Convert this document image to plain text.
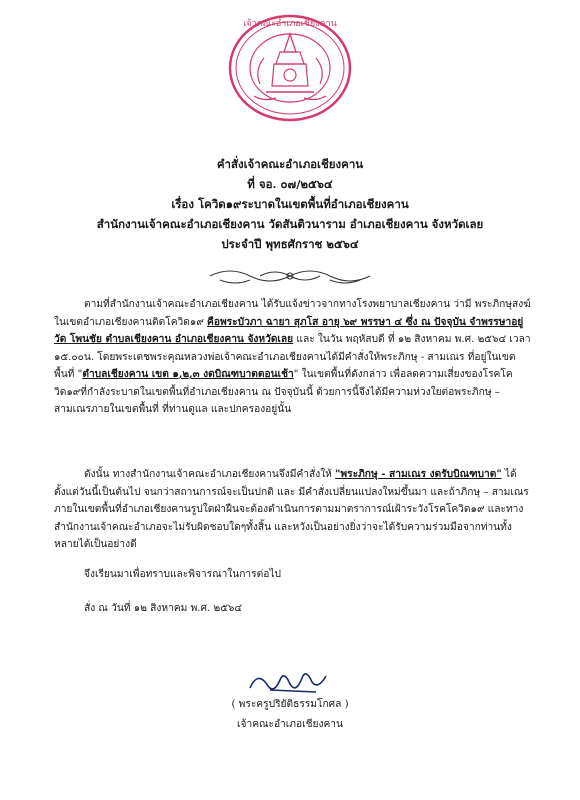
เจ้าคณะอำเภอเชียงคาน
คำสั่งเจ้าคณะอำเภอเชียงคาน
ที่ จอ. ๐๗/๒๕๖๔
เรื่อง โควิด๑๙ระบาดในเขตพื้นที่อำเภอเชียงคาน
สำนักงานเจ้าคณะอำเภอเชียงคาน วัดสันติวนาราม อำเภอเชียงคาน จังหวัดเลย
ประจำปี พุทธศักราช ๒๕๖๔
ตามที่สำนักงานเจ้าคณะอำเภอเชียงคาน ได้รับแจ้งข่าวจากทางโรงพยาบาลเชียงคาน ว่ามี พระภิกษุสงฆ์ในเขตอำเภอเชียงคานติดโควิด๑๙ คือพระบัวภา ฉายา สุภโส อายุ ๖๙ พรรษา ๔ ซึ่ง ณ ปัจจุบัน จำพรรษาอยู่ วัด โพนชัย ตำบลเชียงคาน อำเภอเชียงคาน จังหวัดเลย และ ในวัน พฤหัสบดี ที่ ๑๒ สิงหาคม พ.ศ. ๒๕๖๔ เวลา ๑๕.๐๐น. โดยพระเดชพระคุณหลวงพ่อเจ้าคณะอำเภอเชียงคานได้มีคำสั่งให้พระภิกษุ - สามเณร ที่อยู่ในเขตพื้นที่ "ตำบลเชียงคาน เขต ๑,๒,๓ งดบิณฑบาตตอนเช้า" ในเขตพื้นที่ดังกล่าว เพื่อลดความเสี่ยงของโรคโควิด๑๙ที่กำลังระบาดในเขตพื้นที่อำเภอเชียงคาน ณ ปัจจุบันนี้ ด้วยการนี้จึงได้มีความห่วงใยต่อพระภิกษุ – สามเณรภายในเขตพื้นที่ ที่ท่านดูแล และปกครองอยู่นั้น
ดังนั้น ทางสำนักงานเจ้าคณะอำเภอเชียงคานจึงมีคำสั่งให้ "พระภิกษุ - สามเณร งดรับบิณฑบาต" ได้ตั้งแต่วันนี้เป็นต้นไป จนกว่าสถานการณ์จะเป็นปกติ และ มีคำสั่งเปลี่ยนแปลงใหม่ขึ้นมา และถ้าภิกษุ – สามเณรภายในเขตพื้นที่อำเภอเชียงคานรูปใดฝ่าฝืนจะต้องดำเนินการตามมาตราการณ์เฝ้าระวังโรคโควิด๑๙ และทางสำนักงานเจ้าคณะอำเภอจะไม่รับผิดชอบใดๆทั้งสิ้น และหวังเป็นอย่างยิ่งว่าจะได้รับความร่วมมือจากท่านทั้งหลายได้เป็นอย่างดี
จึงเรียนมาเพื่อทราบและพิจารณาในการต่อไป
สั่ง ณ วันที่ ๑๒ สิงหาคม พ.ศ. ๒๕๖๔
( พระครูปริยัติธรรมโกศล )
เจ้าคณะอำเภอเชียงคาน
